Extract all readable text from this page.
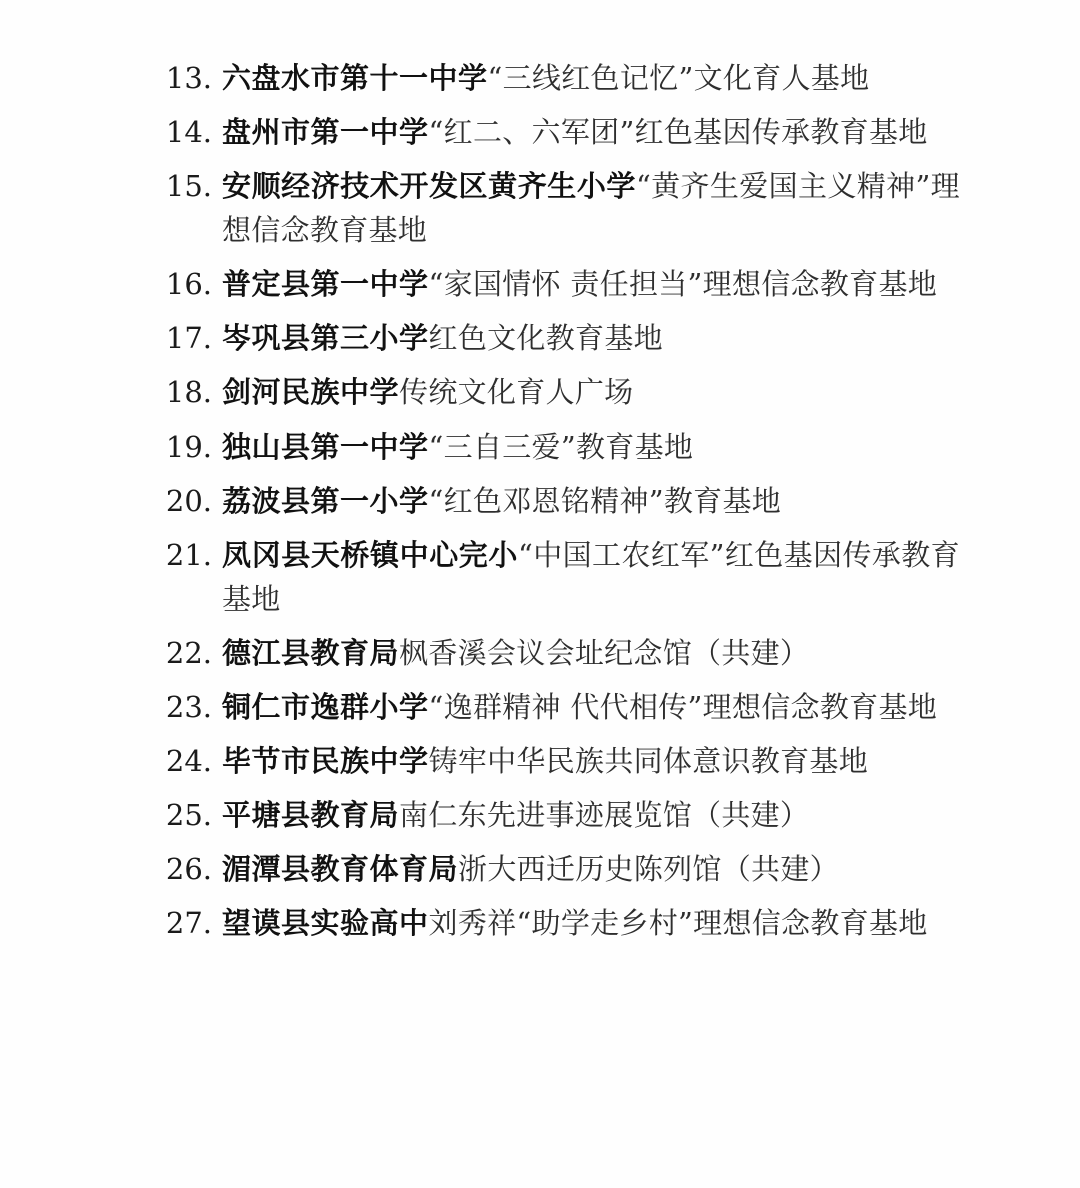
13. 六盘水市第十一中学“三线红色记忆”文化育人基地
14. 盘州市第一中学“红二、六军团”红色基因传承教育基地
15. 安顺经济技术开发区黄齐生小学“黄齐生爱国主义精神”理想信念教育基地
16. 普定县第一中学“家国情怀 责任担当”理想信念教育基地
17. 岑巩县第三小学红色文化教育基地
18. 剑河民族中学传统文化育人广场
19. 独山县第一中学“三自三爱”教育基地
20. 荔波县第一小学“红色邓恩铭精神”教育基地
21. 凤冈县天桥镇中心完小“中国工农红军”红色基因传承教育基地
22. 德江县教育局枫香溪会议会址纪念馆（共建）
23. 铜仁市逸群小学“逸群精神 代代相传”理想信念教育基地
24. 毕节市民族中学铸牢中华民族共同体意识教育基地
25. 平塘县教育局南仁东先进事迹展览馆（共建）
26. 湄潭县教育体育局浙大西迁历史陈列馆（共建）
27. 望谟县实验高中刘秀祥“助学走乡村”理想信念教育基地
